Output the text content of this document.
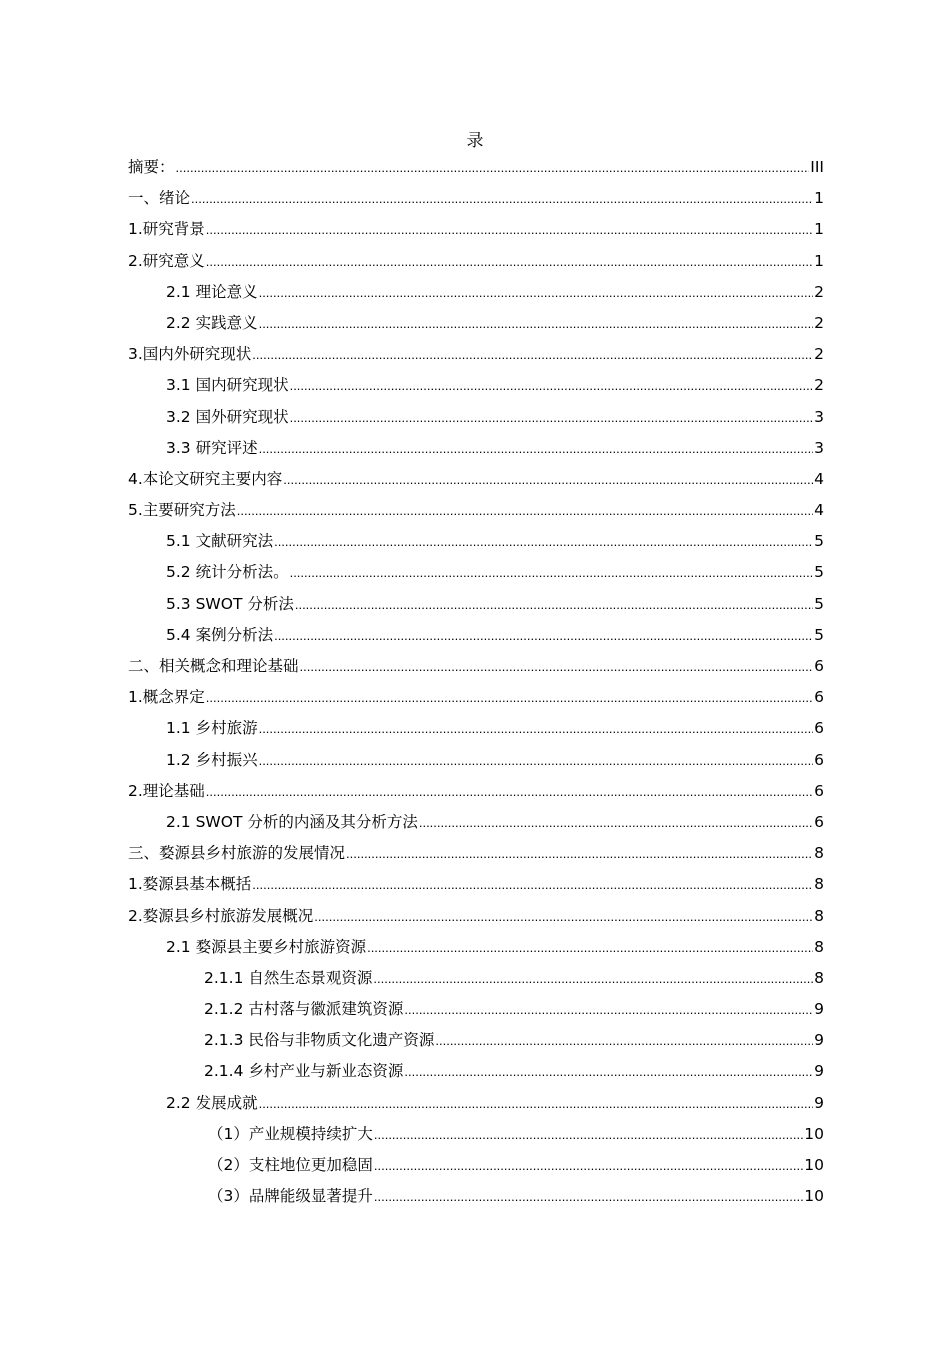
录
摘要： .....	III
一、绪论 .....	1
1.研究背景 .....	1
2.研究意义 .....	1
2.1 理论意义 .....	2
2.2 实践意义 .....	2
3.国内外研究现状 .....	2
3.1 国内研究现状 .....	2
3.2 国外研究现状 .....	3
3.3 研究评述 .....	3
4.本论文研究主要内容 .....	4
5.主要研究方法 .....	4
5.1 文献研究法 .....	5
5.2 统计分析法。 .....	5
5.3 SWOT 分析法 .....	5
5.4 案例分析法 .....	5
二、相关概念和理论基础 .....	6
1.概念界定 .....	6
1.1 乡村旅游 .....	6
1.2 乡村振兴 .....	6
2.理论基础 .....	6
2.1 SWOT 分析的内涵及其分析方法 .....	6
三、婺源县乡村旅游的发展情况 .....	8
1.婺源县基本概括 .....	8
2.婺源县乡村旅游发展概况 .....	8
2.1 婺源县主要乡村旅游资源 .....	8
2.1.1 自然生态景观资源 .....	8
2.1.2 古村落与徽派建筑资源 .....	9
2.1.3 民俗与非物质文化遗产资源 .....	9
2.1.4 乡村产业与新业态资源 .....	9
2.2 发展成就 .....	9
（1）产业规模持续扩大 .....	10
（2）支柱地位更加稳固 .....	10
（3）品牌能级显著提升 .....	10
